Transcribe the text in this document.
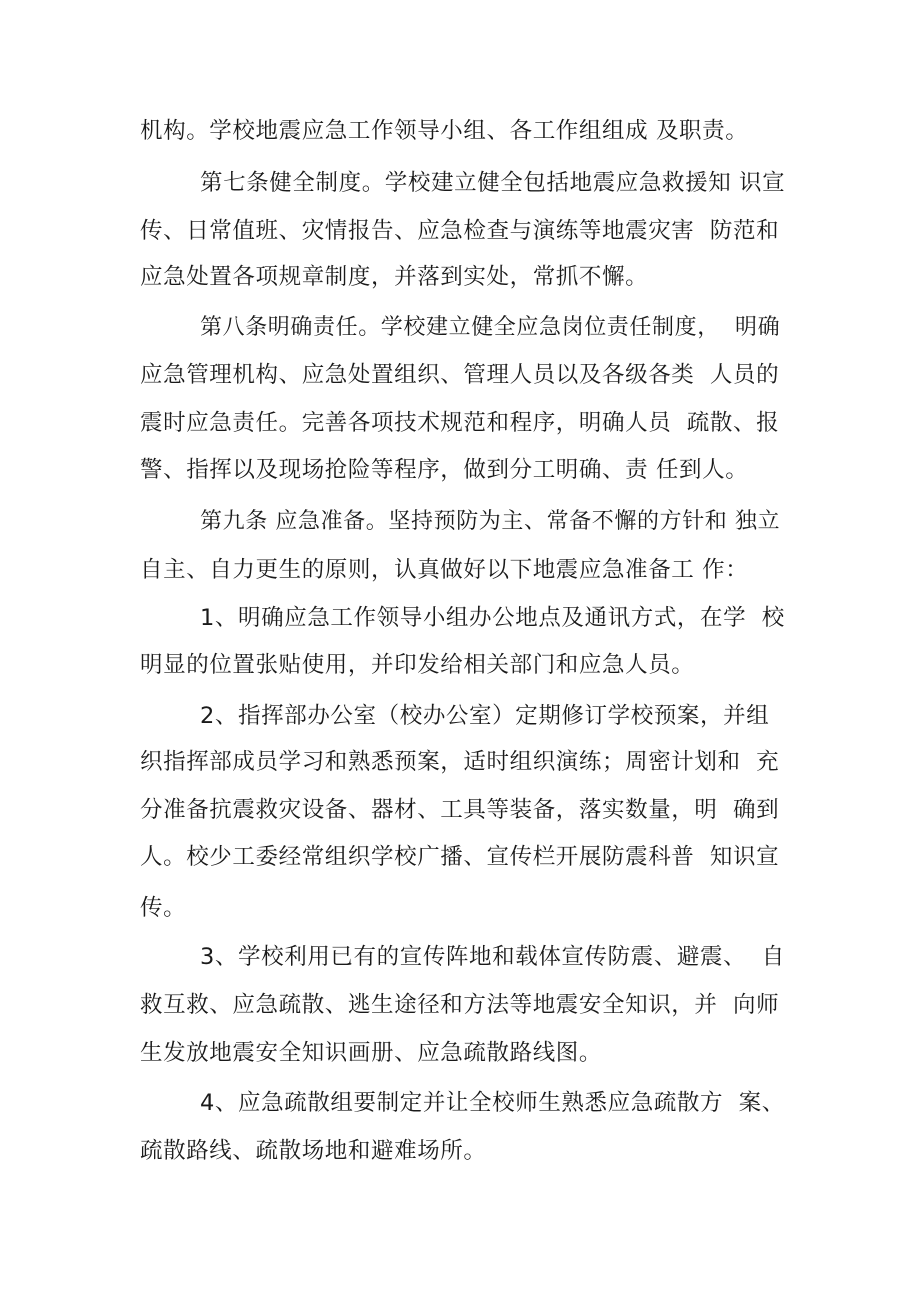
机构。学校地震应急工作领导小组、各工作组组成 及职责。
第七条健全制度。学校建立健全包括地震应急救援知 识宣
传、日常值班、灾情报告、应急检查与演练等地震灾害  防范和
应急处置各项规章制度，并落到实处，常抓不懈。
第八条明确责任。学校建立健全应急岗位责任制度，  明确
应急管理机构、应急处置组织、管理人员以及各级各类  人员的
震时应急责任。完善各项技术规范和程序，明确人员  疏散、报
警、指挥以及现场抢险等程序，做到分工明确、责 任到人。
第九条 应急准备。坚持预防为主、常备不懈的方针和 独立
自主、自力更生的原则，认真做好以下地震应急准备工 作：
1、明确应急工作领导小组办公地点及通讯方式，在学  校
明显的位置张贴使用，并印发给相关部门和应急人员。
2、指挥部办公室（校办公室）定期修订学校预案，并组
织指挥部成员学习和熟悉预案，适时组织演练；周密计划和  充
分准备抗震救灾设备、器材、工具等装备，落实数量，明  确到
人。校少工委经常组织学校广播、宣传栏开展防震科普  知识宣
传。
3、学校利用已有的宣传阵地和载体宣传防震、避震、  自
救互救、应急疏散、逃生途径和方法等地震安全知识，并  向师
生发放地震安全知识画册、应急疏散路线图。
4、应急疏散组要制定并让全校师生熟悉应急疏散方  案、
疏散路线、疏散场地和避难场所。
